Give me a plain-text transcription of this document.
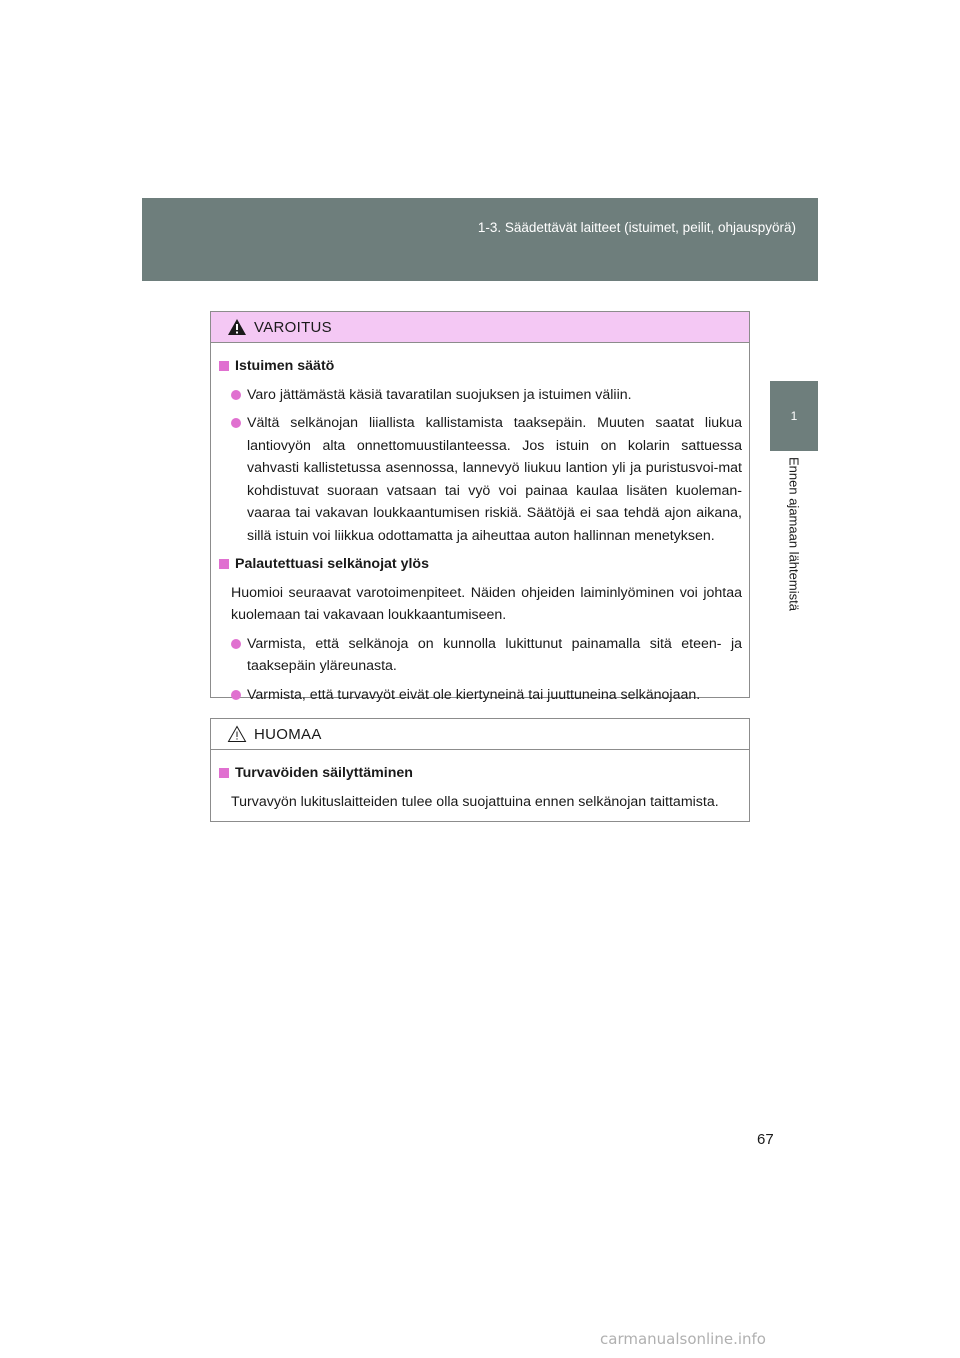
1-3. Säädettävät laitteet (istuimet, peilit, ohjauspyörä)
1
Ennen ajamaan lähtemistä
VAROITUS
Istuimen säätö
Varo jättämästä käsiä tavaratilan suojuksen ja istuimen väliin.
Vältä selkänojan liiallista kallistamista taaksepäin. Muuten saatat liukua lantiovyön alta onnettomuustilanteessa. Jos istuin on kolarin sattuessa vahvasti kallistetussa asennossa, lannevyö liukuu lantion yli ja puristusvoi-mat kohdistuvat suoraan vatsaan tai vyö voi painaa kaulaa lisäten kuoleman-vaaraa tai vakavan loukkaantumisen riskiä. Säätöjä ei saa tehdä ajon aikana, sillä istuin voi liikkua odottamatta ja aiheuttaa auton hallinnan menetyksen.
Palautettuasi selkänojat ylös
Huomioi seuraavat varotoimenpiteet. Näiden ohjeiden laiminlyöminen voi johtaa kuolemaan tai vakavaan loukkaantumiseen.
Varmista, että selkänoja on kunnolla lukittunut painamalla sitä eteen- ja taaksepäin yläreunasta.
Varmista, että turvavyöt eivät ole kiertyneinä tai juuttuneina selkänojaan.
HUOMAA
Turvavöiden säilyttäminen
Turvavyön lukituslaitteiden tulee olla suojattuina ennen selkänojan taittamista.
67
carmanualsonline.info
